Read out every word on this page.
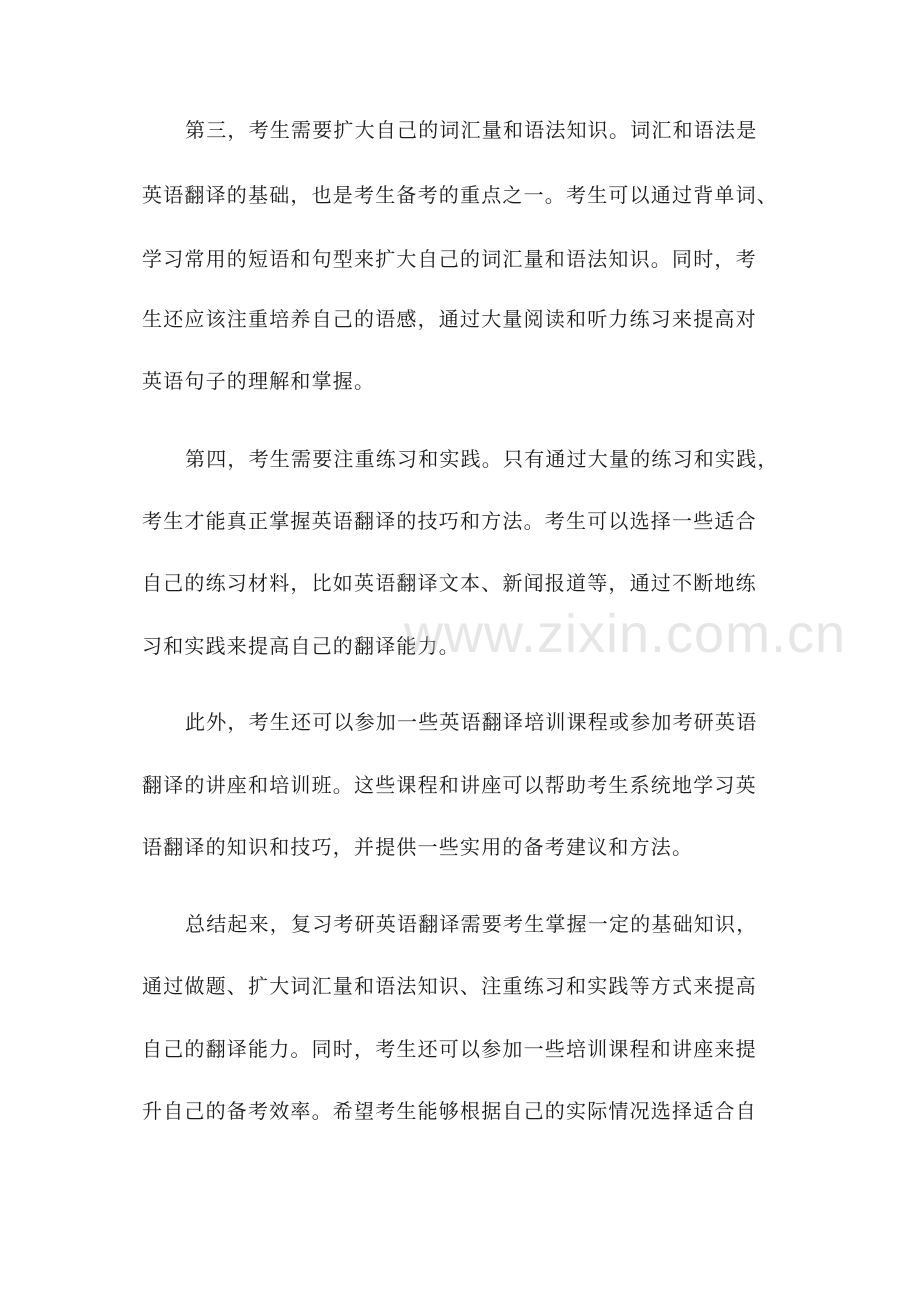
第三，考生需要扩大自己的词汇量和语法知识。词汇和语法是

英语翻译的基础，也是考生备考的重点之一。考生可以通过背单词、

学习常用的短语和句型来扩大自己的词汇量和语法知识。同时，考

生还应该注重培养自己的语感，通过大量阅读和听力练习来提高对

英语句子的理解和掌握。

第四，考生需要注重练习和实践。只有通过大量的练习和实践，

考生才能真正掌握英语翻译的技巧和方法。考生可以选择一些适合

自己的练习材料，比如英语翻译文本、新闻报道等，通过不断地练

习和实践来提高自己的翻译能力。

此外，考生还可以参加一些英语翻译培训课程或参加考研英语

翻译的讲座和培训班。这些课程和讲座可以帮助考生系统地学习英

语翻译的知识和技巧，并提供一些实用的备考建议和方法。

总结起来，复习考研英语翻译需要考生掌握一定的基础知识，

通过做题、扩大词汇量和语法知识、注重练习和实践等方式来提高

自己的翻译能力。同时，考生还可以参加一些培训课程和讲座来提

升自己的备考效率。希望考生能够根据自己的实际情况选择适合自

www.zixin.com.cn
